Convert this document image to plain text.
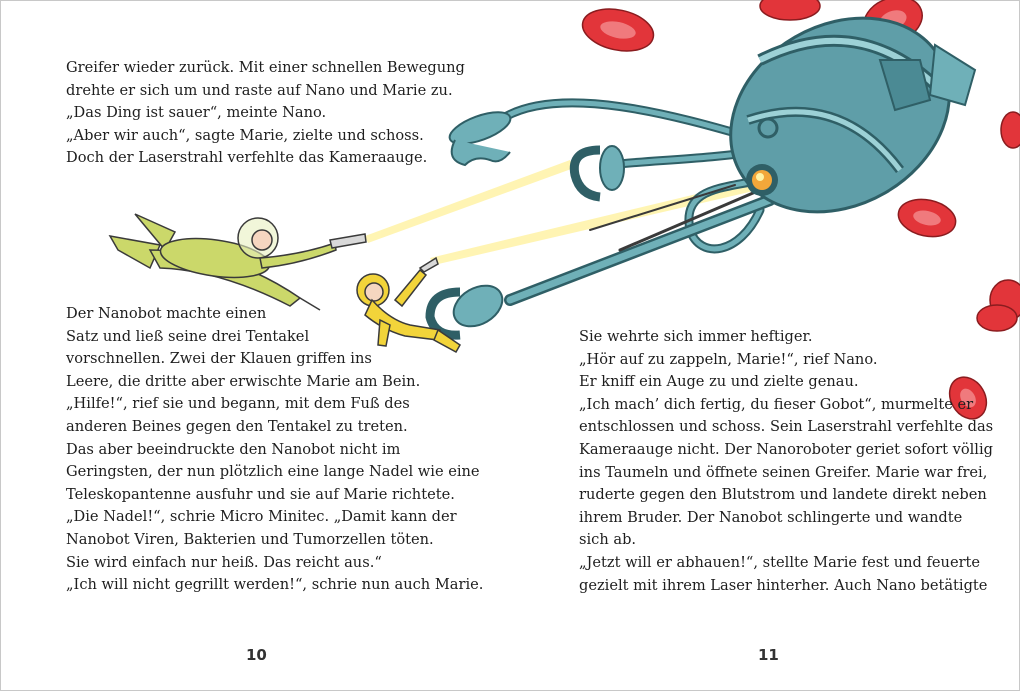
Greifer wieder zurück. Mit einer schnellen Bewegung
drehte er sich um und raste auf Nano und Marie zu.
„Das Ding ist sauer“, meinte Nano.
„Aber wir auch“, sagte Marie, zielte und schoss.
Doch der Laserstrahl verfehlte das Kameraauge.
Der Nanobot machte einen
Satz und ließ seine drei Tentakel
vorschnellen. Zwei der Klauen griffen ins
Leere, die dritte aber erwischte Marie am Bein.
„Hilfe!“, rief sie und begann, mit dem Fuß des
anderen Beines gegen den Tentakel zu treten.
Das aber beeindruckte den Nanobot nicht im
Geringsten, der nun plötzlich eine lange Nadel wie eine
Teleskopantenne ausfuhr und sie auf Marie richtete.
„Die Nadel!“, schrie Micro Minitec. „Damit kann der
Nanobot Viren, Bakterien und Tumorzellen töten.
Sie wird einfach nur heiß. Das reicht aus.“
„Ich will nicht gegrillt werden!“, schrie nun auch Marie.
Sie wehrte sich immer heftiger.
„Hör auf zu zappeln, Marie!“, rief Nano.
Er kniff ein Auge zu und zielte genau.
„Ich mach’ dich fertig, du fieser Gobot“, murmelte er
entschlossen und schoss. Sein Laserstrahl verfehlte das
Kameraauge nicht. Der Nanoroboter geriet sofort völlig
ins Taumeln und öffnete seinen Greifer. Marie war frei,
ruderte gegen den Blutstrom und landete direkt neben
ihrem Bruder. Der Nanobot schlingerte und wandte
sich ab.
„Jetzt will er abhauen!“, stellte Marie fest und feuerte
gezielt mit ihrem Laser hinterher. Auch Nano betätigte
10	11
